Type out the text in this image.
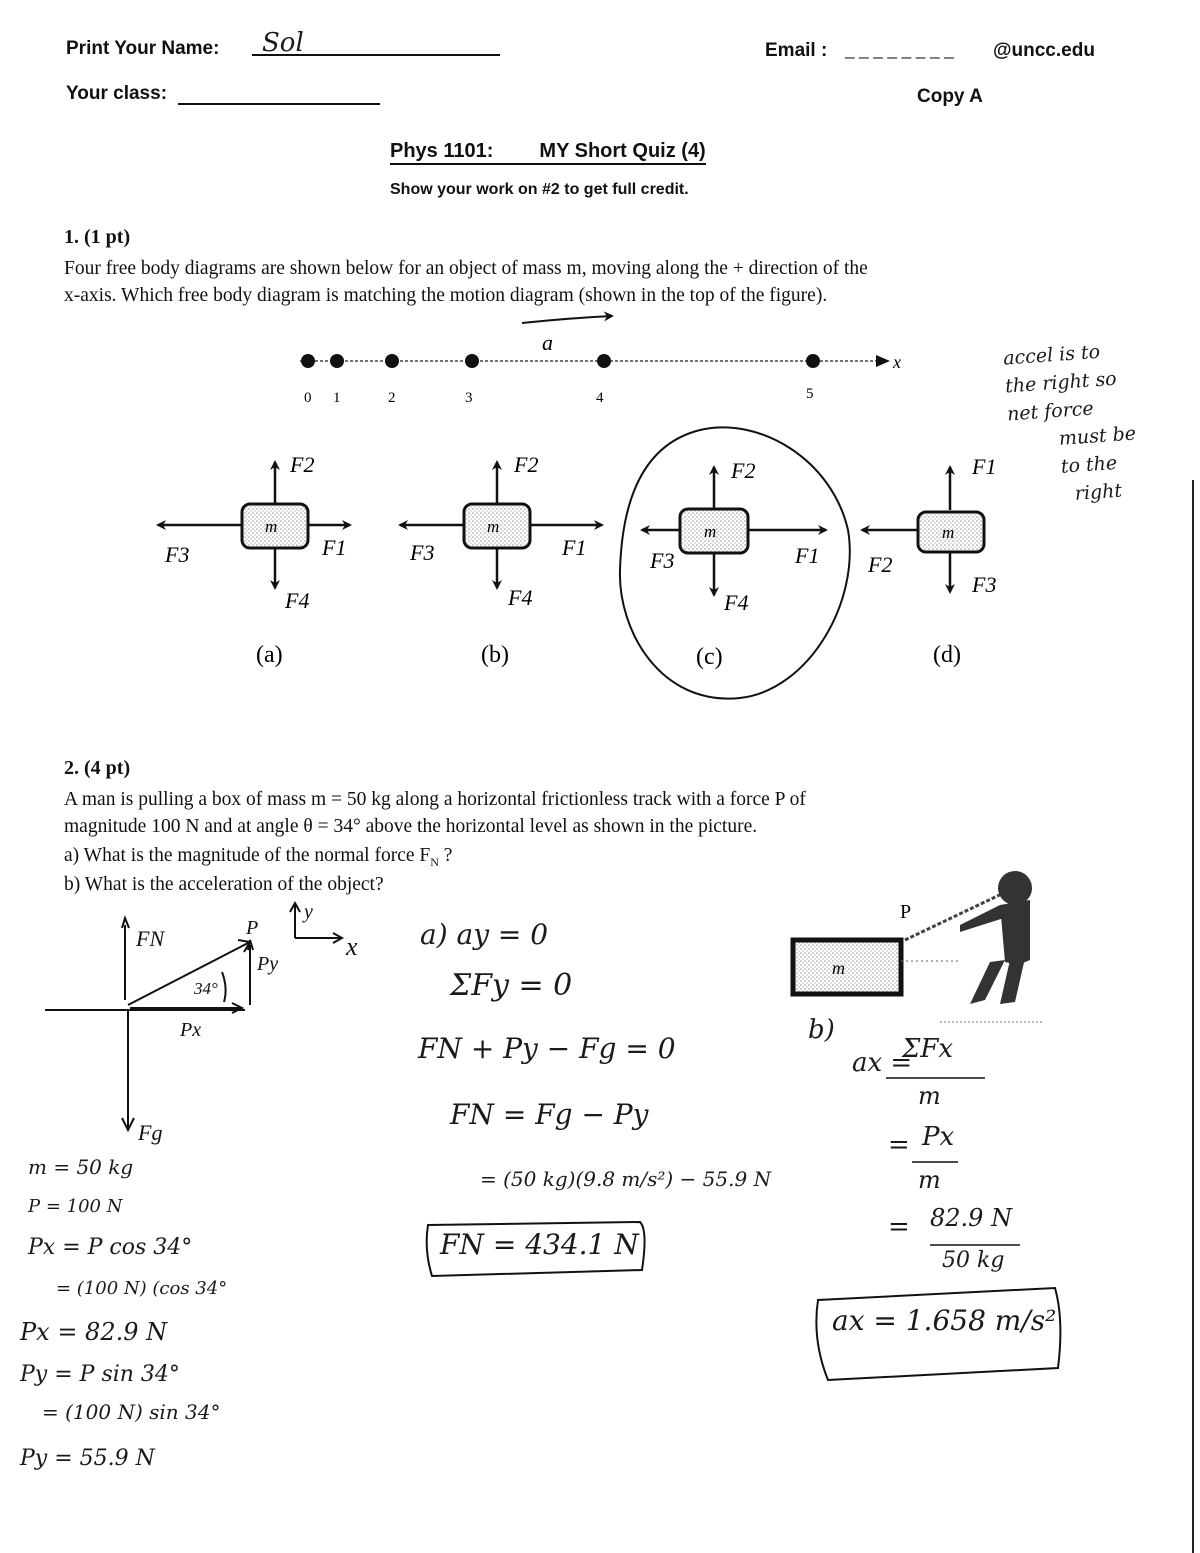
Print Your Name: Sol	Email : _ _ _ _ _ _ _ _ @uncc.edu
Your class:	Copy A
Phys 1101: MY Short Quiz (4)
Show your work on #2 to get full credit.
1. (1 pt)
Four free body diagrams are shown below for an object of mass m, moving along the + direction of the
x-axis. Which free body diagram is matching the motion diagram (shown in the top of the figure).
a
x
0 1	2	3	4	5
m
F2
F1
F3
F4
(a)
m
F2
F1
F3
F4
(b)
m
F2
F1
F3
F4
(c)
m
F1
F2
F3
(d)
m
P
FN	P
34°
Py
Px
Fg
y
x
accel is to
the right so
net force
must be
to the
right
2. (4 pt)
A man is pulling a box of mass m = 50 kg along a horizontal frictionless track with a force P of
magnitude 100 N and at angle θ = 34° above the horizontal level as shown in the picture.
a) What is the magnitude of the normal force $F_N$ ?
b) What is the acceleration of the object?
m = 50 kg
P = 100 N
Px = P cos 34°
= (100 N) (cos 34°
Px = 82.9 N
Py = P sin 34°
= (100 N) sin 34°
Py = 55.9 N
a) ay = 0
ΣFy = 0
FN + Py − Fg = 0
FN = Fg − Py
= (50 kg)(9.8 m/s²) − 55.9 N
FN = 434.1 N
b)
ax =
ΣFx
m
= Px
m
= 82.9 N
50 kg
ax = 1.658 m/s²
